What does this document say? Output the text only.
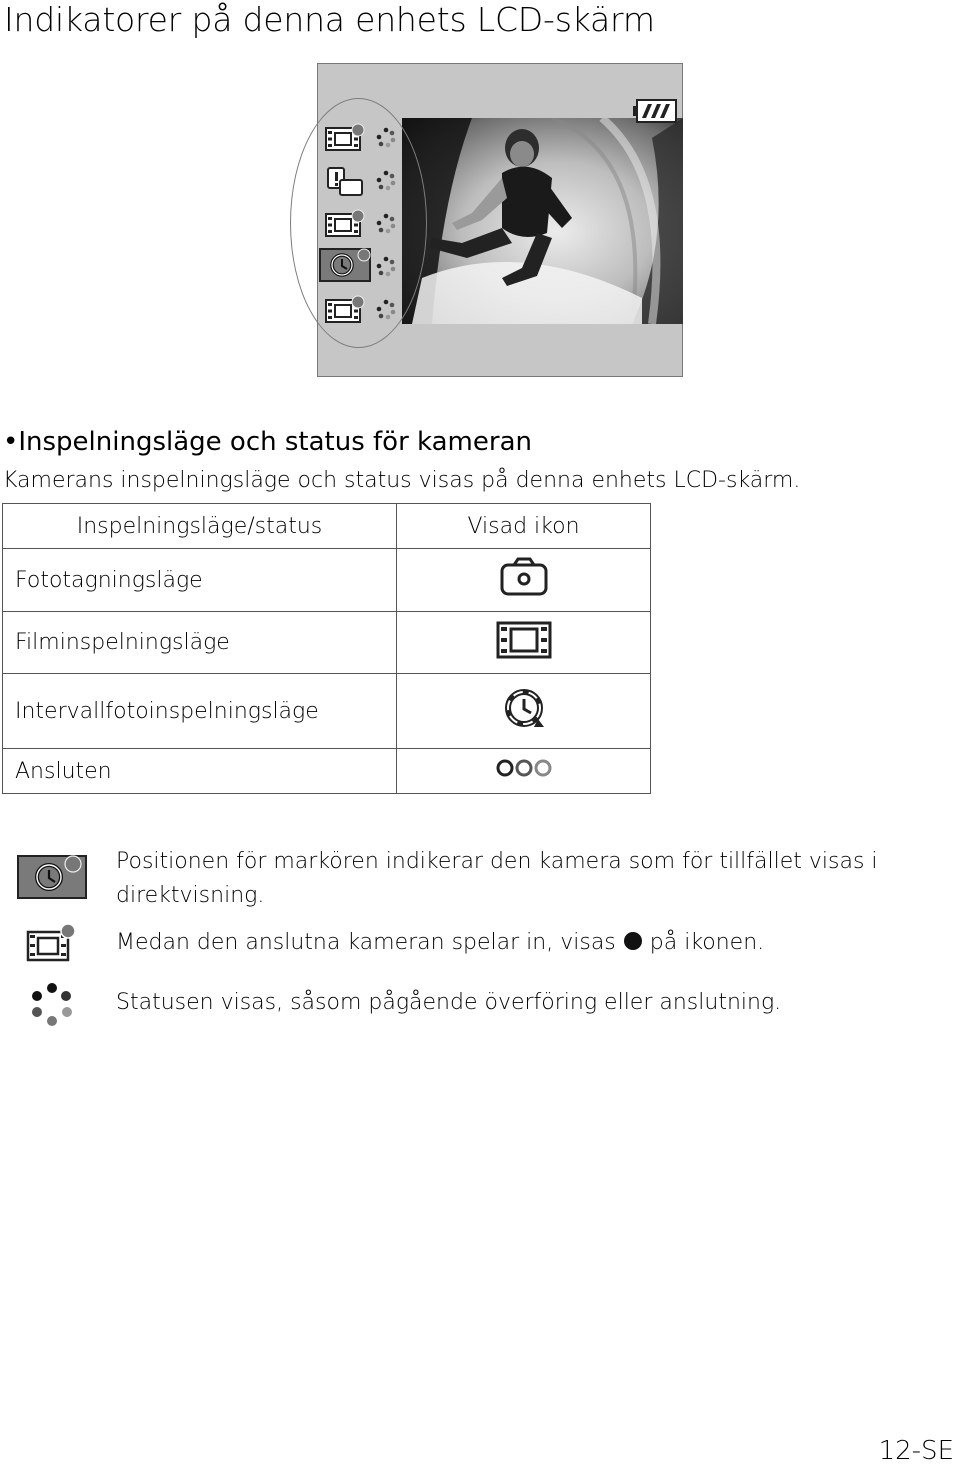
Indikatorer på denna enhets LCD-skärm
•Inspelningsläge och status för kameran
Kamerans inspelningsläge och status visas på denna enhets LCD-skärm.
Inspelningsläge/status	Visad ikon
Fototagningsläge	
Filminspelningsläge	
Intervallfotoinspelningsläge	
Ansluten	
Positionen för markören indikerar den kamera som för tillfället visas i direktvisning.
Medan den anslutna kameran spelar in, visas på ikonen.
Statusen visas, såsom pågående överföring eller anslutning.
12-SE
